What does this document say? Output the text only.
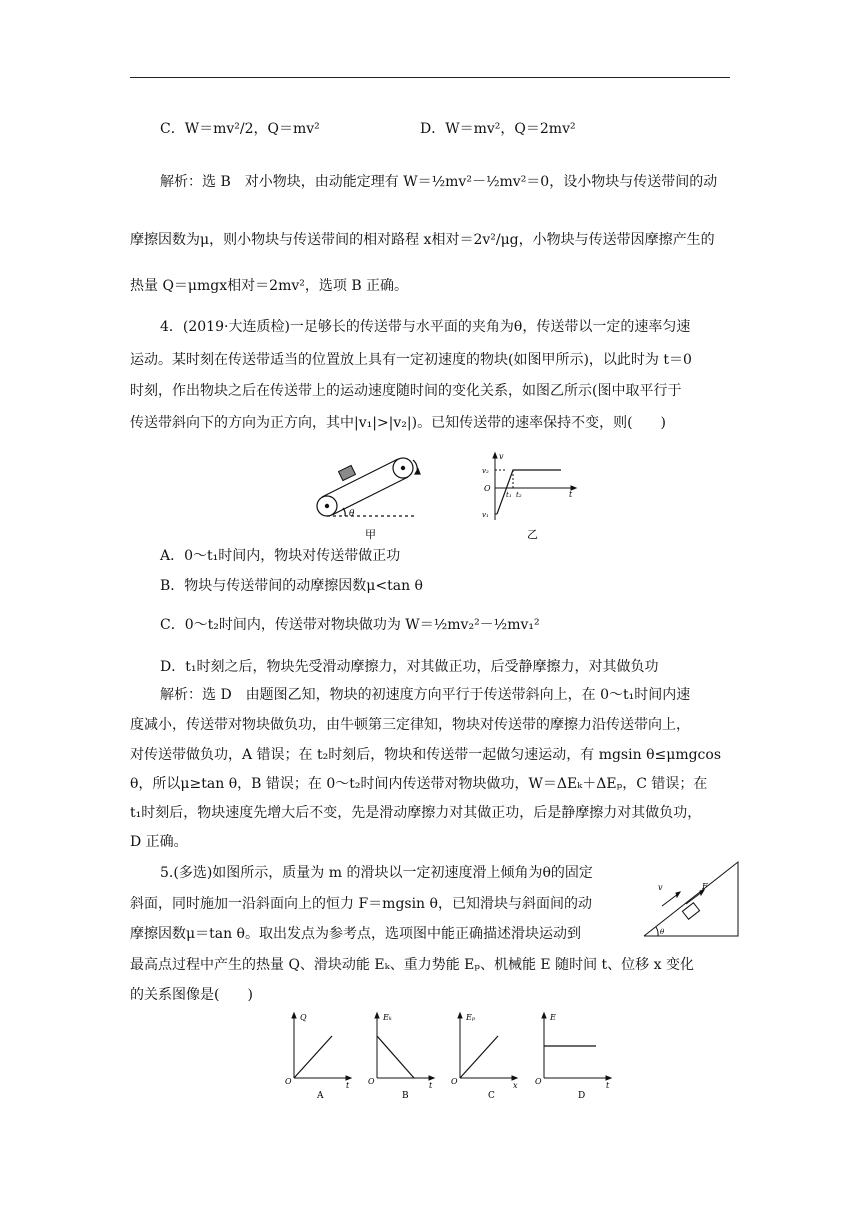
C．W＝mv²/2，Q＝mv²	D．W＝mv²，Q＝2mv²
解析：选 B　对小物块，由动能定理有 W＝½mv²－½mv²＝0，设小物块与传送带间的动
摩擦因数为μ，则小物块与传送带间的相对路程 x相对＝2v²/μg，小物块与传送带因摩擦产生的
热量 Q＝μmgx相对＝2mv²，选项 B 正确。
4．(2019·大连质检)一足够长的传送带与水平面的夹角为θ，传送带以一定的速率匀速
运动。某时刻在传送带适当的位置放上具有一定初速度的物块(如图甲所示)，以此时为 t＝0
时刻，作出物块之后在传送带上的运动速度随时间的变化关系，如图乙所示(图中取平行于
传送带斜向下的方向为正方向，其中|v₁|>|v₂|)。已知传送带的速率保持不变，则(　　)
θ
甲
v
t
O
v₂
v₁
t₁ t₂
乙
A．0～t₁时间内，物块对传送带做正功
B．物块与传送带间的动摩擦因数μ<tan θ
C．0～t₂时间内，传送带对物块做功为 W＝½mv₂²－½mv₁²
D．t₁时刻之后，物块先受滑动摩擦力，对其做正功，后受静摩擦力，对其做负功
解析：选 D　由题图乙知，物块的初速度方向平行于传送带斜向上，在 0～t₁时间内速
度减小，传送带对物块做负功，由牛顿第三定律知，物块对传送带的摩擦力沿传送带向上，
对传送带做负功，A 错误；在 t₂时刻后，物块和传送带一起做匀速运动，有 mgsin θ≤μmgcos
θ，所以μ≥tan θ，B 错误；在 0～t₂时间内传送带对物块做功，W＝ΔEₖ＋ΔEₚ，C 错误；在
t₁时刻后，物块速度先增大后不变，先是滑动摩擦力对其做正功，后是静摩擦力对其做负功，
D 正确。
5.(多选)如图所示，质量为 m 的滑块以一定初速度滑上倾角为θ的固定
斜面，同时施加一沿斜面向上的恒力 F＝mgsin θ，已知滑块与斜面间的动
摩擦因数μ＝tan θ。取出发点为参考点，选项图中能正确描述滑块运动到
最高点过程中产生的热量 Q、滑块动能 Eₖ、重力势能 Eₚ、机械能 E 随时间 t、位移 x 变化
的关系图像是(　　)
v	F
θ
Q
t
O
A
Eₖ
t
O
B
Eₚ
x
O
C
E
t
O
D
